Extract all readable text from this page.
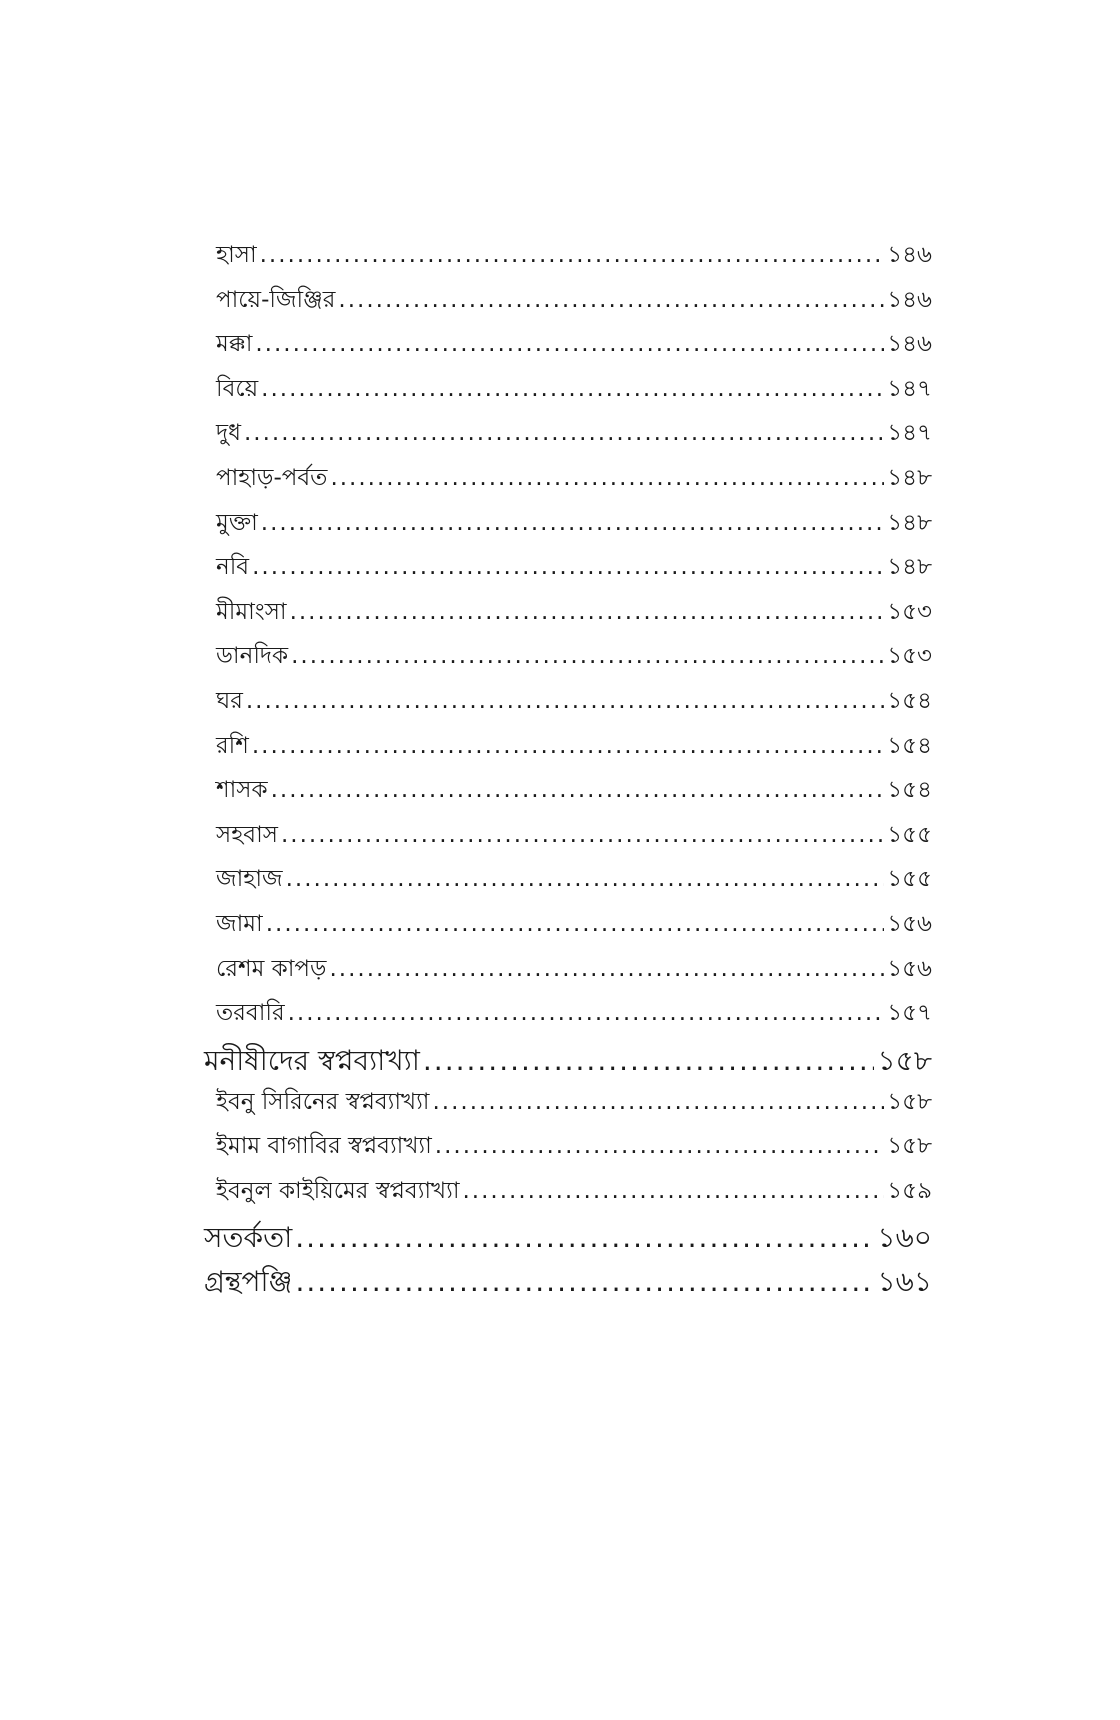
হাসা .....	১৪৬
পায়ে-জিঞ্জির .....	১৪৬
মক্কা .....	১৪৬
বিয়ে .....	১৪৭
দুধ .....	১৪৭
পাহাড়-পর্বত .....	১৪৮
মুক্তা .....	১৪৮
নবি .....	১৪৮
মীমাংসা .....	১৫৩
ডানদিক .....	১৫৩
ঘর .....	১৫৪
রশি .....	১৫৪
শাসক .....	১৫৪
সহবাস .....	১৫৫
জাহাজ .....	১৫৫
জামা .....	১৫৬
রেশম কাপড় .....	১৫৬
তরবারি .....	১৫৭
মনীষীদের স্বপ্নব্যাখ্যা .....	১৫৮
ইবনু সিরিনের স্বপ্নব্যাখ্যা .....	১৫৮
ইমাম বাগাবির স্বপ্নব্যাখ্যা .....	১৫৮
ইবনুল কাইয়িমের স্বপ্নব্যাখ্যা .....	১৫৯
সতর্কতা .....	১৬০
গ্রন্থপঞ্জি .....	১৬১
